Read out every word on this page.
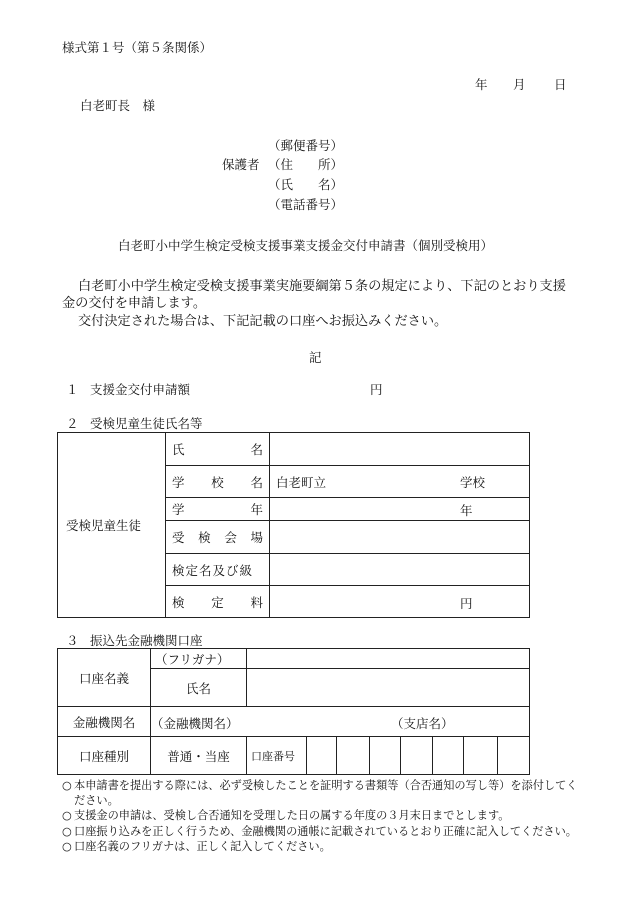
様式第１号（第５条関係）
年 月 日
白老町長　様
（郵便番号）
保護者 （住　　所）
（氏　　名）
（電話番号）
白老町小中学生検定受検支援事業支援金交付申請書（個別受検用）
白老町小中学生検定受検支援事業実施要綱第５条の規定により、下記のとおり支援
金の交付を申請します。
交付決定された場合は、下記記載の口座へお振込みください。
記
１ 支援金交付申請額	円
２ 受検児童生徒氏名等
受検児童生徒	氏 名	

	学 校 名	白老町立 学校

	学 年	年

	受 検 会 場	

	検定名及び級	

	検 定 料	円
３ 振込先金融機関口座
口座名義	（フリガナ）								
	氏名								
金融機関名	（金融機関名） （支店名）								

口座種別	普通・当座	口座番号							
○ 本申請書を提出する際には、必ず受検したことを証明する書類等（合否通知の写し等）を添付してください。
○ 支援金の申請は、受検し合否通知を受理した日の属する年度の３月末日までとします。
○ 口座振り込みを正しく行うため、金融機関の通帳に記載されているとおり正確に記入してください。
○ 口座名義のフリガナは、正しく記入してください。
